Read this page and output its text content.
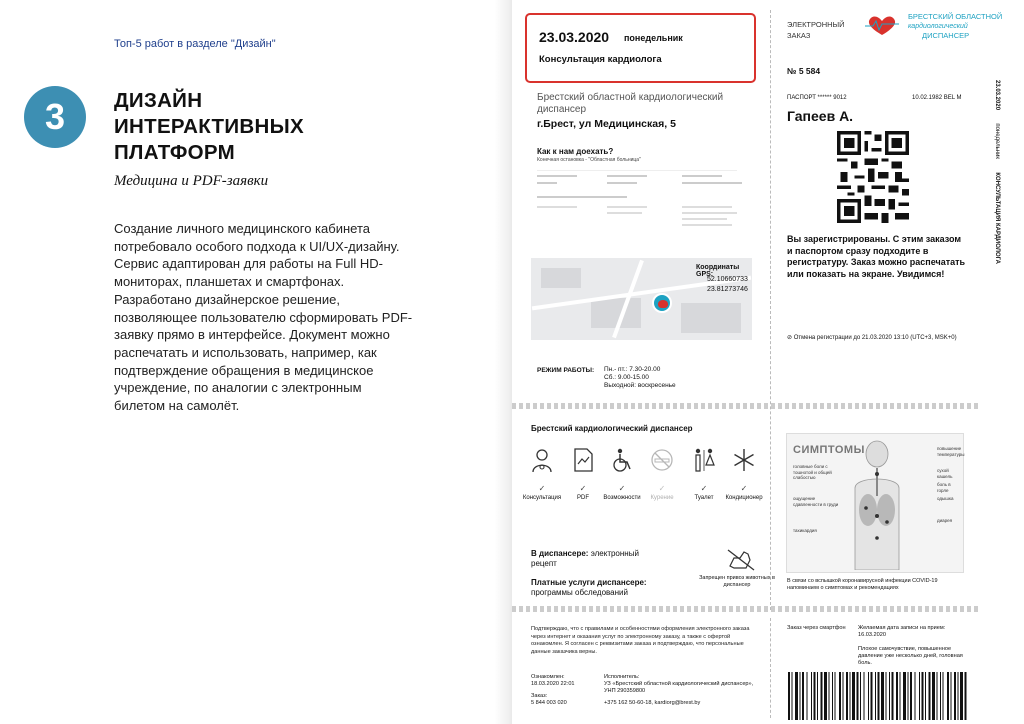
Топ-5 работ в разделе "Дизайн"
3	ДИЗАЙН ИНТЕРАКТИВНЫХ ПЛАТФОРМ
Медицина и PDF-заявки
Создание личного медицинского кабинета потребовало особого подхода к UI/UX-дизайну. Сервис адаптирован для работы на Full HD-мониторах, планшетах и смартфонах. Разработано дизайнерское решение, позволяющее пользователю сформировать PDF-заявку прямо в интерфейсе. Документ можно распечатать и использовать, например, как подтверждение обращения в медицинское учреждение, по аналогии с электронным билетом на самолёт.
23.03.2020 понедельник
Консультация кардиолога
Брестский областной кардиологический диспансер
г.Брест, ул Медицинская, 5
Как к нам доехать?
Конечная остановка - "Областная больница"
Координаты GPS:
52.10660733
23.81273746
РЕЖИМ РАБОТЫ: Пн.- пт.: 7.30-20.00
Сб.: 9.00-15.00
Выходной: воскресенье
Брестский кардиологический диспансер
✓
Консультация
✓
PDF
✓
Возможности
✓
Курение
✓
Туалет
✓
Кондиционер
В диспансере: электронный рецепт
Платные услуги диспансере:
программы обследований
Запрещен привоз животных в диспансер
Подтверждаю, что с правилами и особенностями оформления электронного заказа через интернет и оказания услуг по электронному заказу, а также с офертой ознакомлен. Я согласен с реквизитами заказа и подтверждаю, что персональные данные заказчика верны.
Ознакомлен:
18.03.2020 22:01
Исполнитель:
УЗ «Брестский областной кардиологический диспансер», УНП 290359800
Заказ:
5 844 003 020	+375 162 50-60-18, kardiorg@brest.by
ЭЛЕКТРОННЫЙ
ЗАКАЗ
БРЕСТСКИЙ ОБЛАСТНОЙ
кардиологический
ДИСПАНСЕР
№ 5 584
ПАСПОРТ ****** 9012	10.02.1982 BEL M
Гапеев А.
Вы зарегистрированы. С этим заказом и паспортом сразу подходите в регистратуру. Заказ можно распечатать или показать на экране. Увидимся!
⊘ Отмена регистрации до 21.03.2020 13:10 (UTC+3, MSK+0)
23.03.2020        понедельник        КОНСУЛЬТАЦИЯ КАРДИОЛОГА
СИМПТОМЫ	повышение температуры
сухой кашель
боль в горле
одышка
диарея
головные боли с тошнотой и общей слабостью
ощущение сдавленности в груди
тахикардия
В связи со вспышкой коронавирусной инфекции COVID-19 напоминаем о симптомах и рекомендациях
Заказ через смартфон Желаемая дата записи на прием:
16.03.2020
Плохое самочувствие, повышенное давление уже несколько дней, головная боль.
